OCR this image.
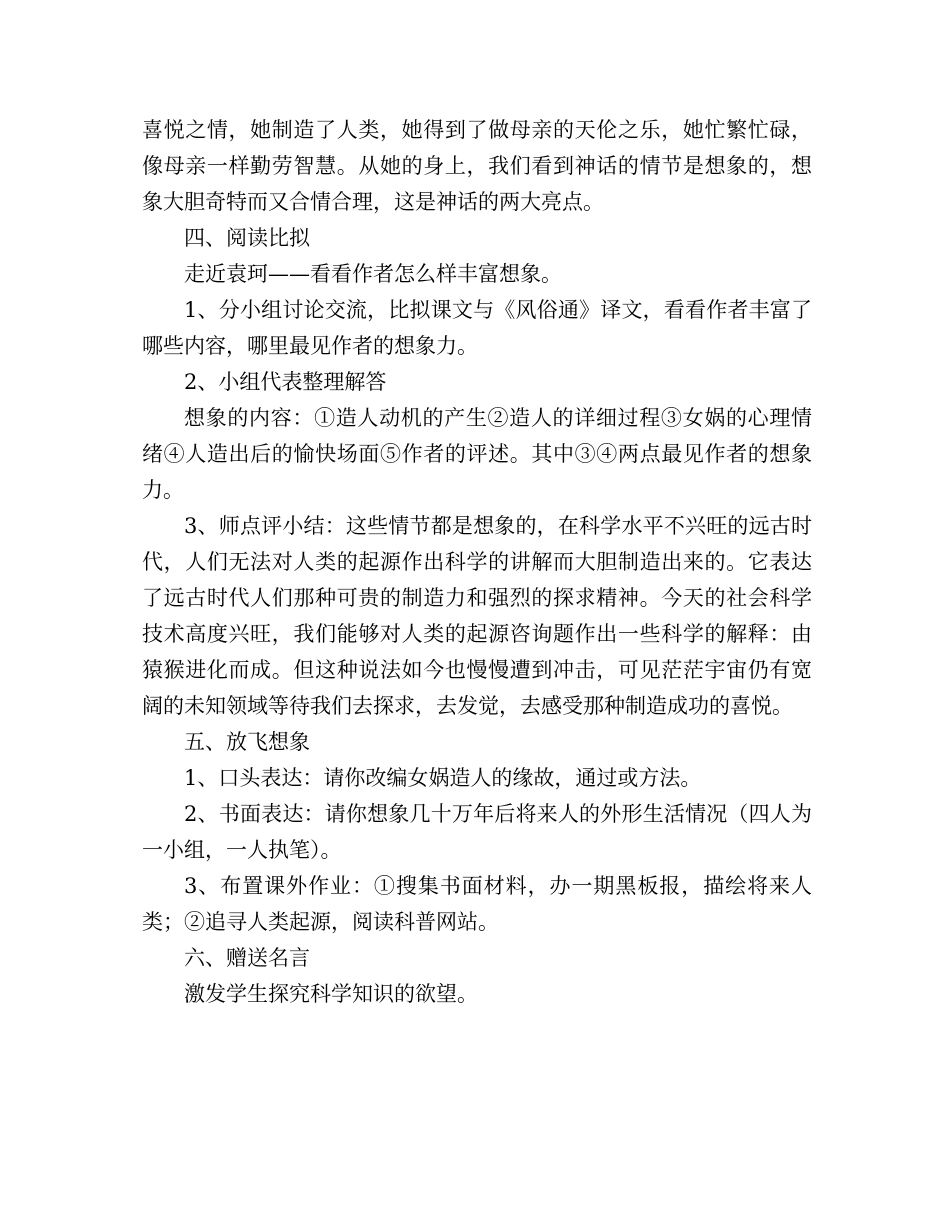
喜悦之情，她制造了人类，她得到了做母亲的天伦之乐，她忙繁忙碌，像母亲一样勤劳智慧。从她的身上，我们看到神话的情节是想象的，想象大胆奇特而又合情合理，这是神话的两大亮点。

四、阅读比拟

走近袁珂——看看作者怎么样丰富想象。

1、分小组讨论交流，比拟课文与《风俗通》译文，看看作者丰富了哪些内容，哪里最见作者的想象力。

2、小组代表整理解答

想象的内容：①造人动机的产生②造人的详细过程③女娲的心理情绪④人造出后的愉快场面⑤作者的评述。其中③④两点最见作者的想象力。

3、师点评小结：这些情节都是想象的，在科学水平不兴旺的远古时代，人们无法对人类的起源作出科学的讲解而大胆制造出来的。它表达了远古时代人们那种可贵的制造力和强烈的探求精神。今天的社会科学技术高度兴旺，我们能够对人类的起源咨询题作出一些科学的解释：由猿猴进化而成。但这种说法如今也慢慢遭到冲击，可见茫茫宇宙仍有宽阔的未知领域等待我们去探求，去发觉，去感受那种制造成功的喜悦。

五、放飞想象

1、口头表达：请你改编女娲造人的缘故，通过或方法。

2、书面表达：请你想象几十万年后将来人的外形生活情况（四人为一小组，一人执笔）。

3、布置课外作业：①搜集书面材料，办一期黑板报，描绘将来人类；②追寻人类起源，阅读科普网站。

六、赠送名言

激发学生探究科学知识的欲望。
